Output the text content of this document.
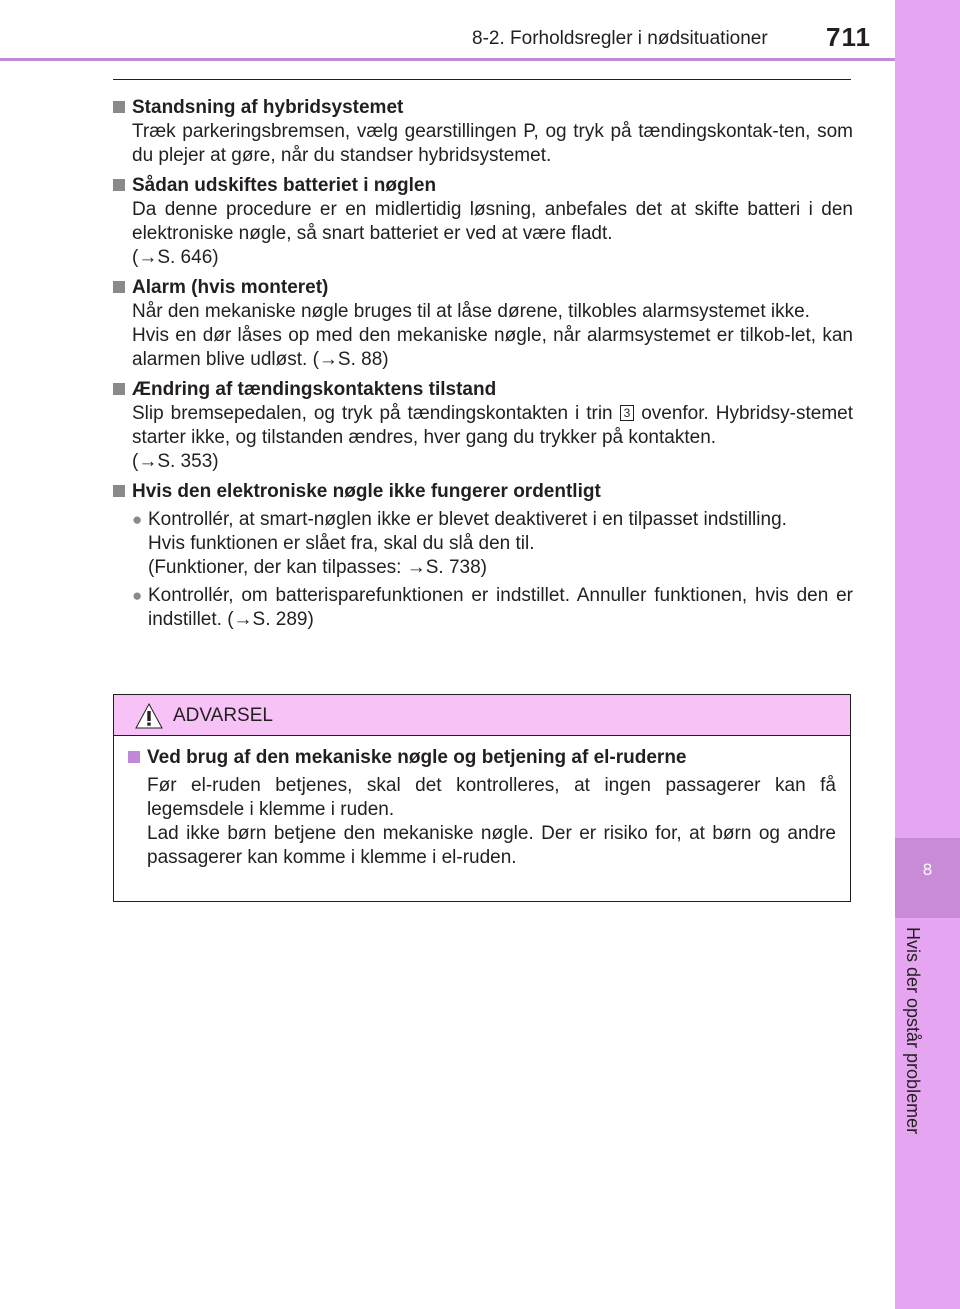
8
Hvis der opstår problemer
8-2. Forholdsregler i nødsituationer 711
Standsning af hybridsystemet

Træk parkeringsbremsen, vælg gearstillingen P, og tryk på tændingskontak-ten, som du plejer at gøre, når du standser hybridsystemet.

Sådan udskiftes batteriet i nøglen

Da denne procedure er en midlertidig løsning, anbefales det at skifte batteri i den elektroniske nøgle, så snart batteriet er ved at være fladt.

(→S. 646)

Alarm (hvis monteret)

Når den mekaniske nøgle bruges til at låse dørene, tilkobles alarmsystemet ikke.

Hvis en dør låses op med den mekaniske nøgle, når alarmsystemet er tilkob-let, kan alarmen blive udløst. (→S. 88)

Ændring af tændingskontaktens tilstand

Slip bremsepedalen, og tryk på tændingskontakten i trin 3 ovenfor. Hybridsy-stemet starter ikke, og tilstanden ændres, hver gang du trykker på kontakten.

(→S. 353)

Hvis den elektroniske nøgle ikke fungerer ordentligt
● Kontrollér, at smart-nøglen ikke er blevet deaktiveret i en tilpasset indstilling.
Hvis funktionen er slået fra, skal du slå den til.
(Funktioner, der kan tilpasses: →S. 738)
● Kontrollér, om batterisparefunktionen er indstillet. Annuller funktionen, hvis den er indstillet. (→S. 289)
ADVARSEL
Ved brug af den mekaniske nøgle og betjening af el-ruderne

Før el-ruden betjenes, skal det kontrolleres, at ingen passagerer kan få legemsdele i klemme i ruden.

Lad ikke børn betjene den mekaniske nøgle. Der er risiko for, at børn og andre passagerer kan komme i klemme i el-ruden.
